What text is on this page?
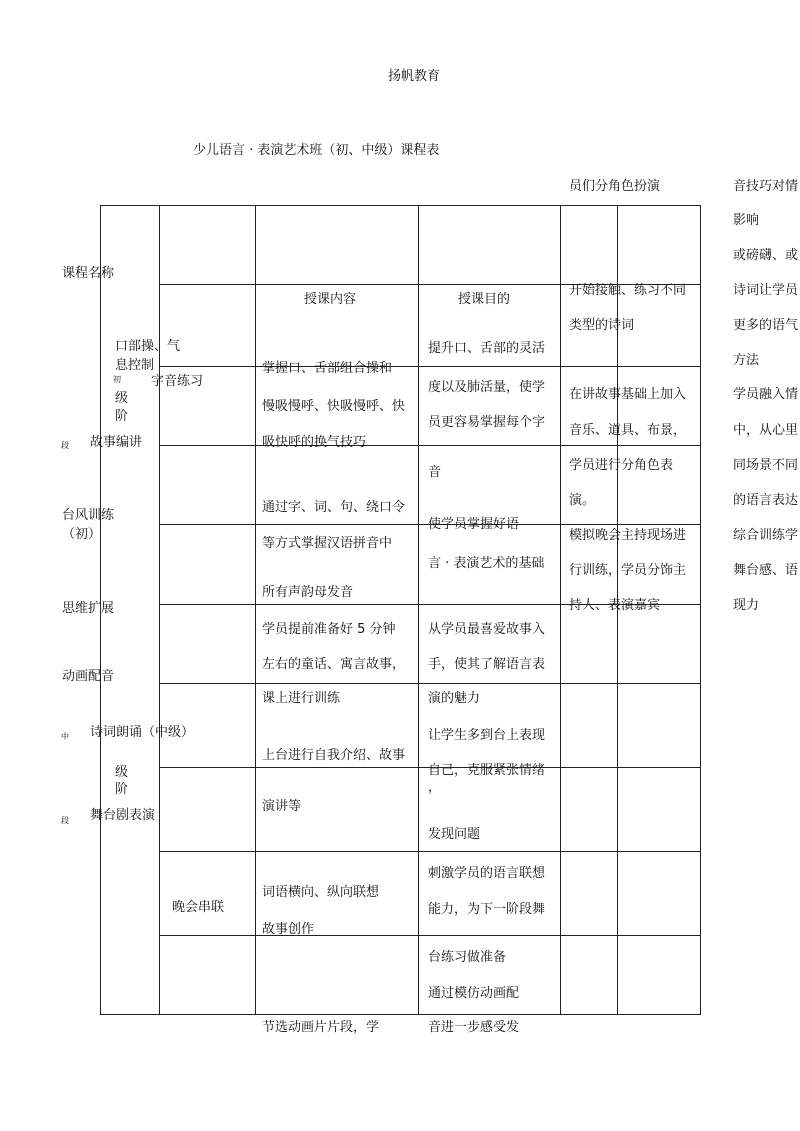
扬帆教育
少儿语言 · 表演艺术班（初、中级）课程表
授课内容	授课目的
课程名称
口部操、气
息控制
初 字音练习
级
阶
段 故事编讲
台风训练
（初）
思维扩展
动画配音
中 诗词朗诵（中级）
级
阶
段 舞台剧表演
晚会串联
掌握口、舌部组合操和
慢吸慢呼、快吸慢呼、快
吸快呼的换气技巧
通过字、词、句、绕口令
等方式掌握汉语拼音中
所有声韵母发音
学员提前准备好 5 分钟
左右的童话、寓言故事，
课上进行训练
上台进行自我介绍、故事
演讲等
词语横向、纵向联想
故事创作
节选动画片片段，学
提升口、舌部的灵活
度以及肺活量，使学
员更容易掌握每个字
音
使学员掌握好语
言 · 表演艺术的基础
从学员最喜爱故事入
手，使其了解语言表
演的魅力
让学生多到台上表现
自己，克服紧张情绪
，
发现问题
刺激学员的语言联想
能力，为下一阶段舞
台练习做准备
通过模仿动画配
音进一步感受发
员们分角色扮演
开始接触、练习不同
类型的诗词
在讲故事基础上加入
音乐、道具、布景，
学员进行分角色表
演。
模拟晚会主持现场进
行训练，学员分饰主
持人、表演嘉宾
音技巧对情
影响
或磅礴、或
诗词让学员
更多的语气
方法
学员融入情
中，从心里
同场景不同
的语言表达
综合训练学
舞台感、语
现力
